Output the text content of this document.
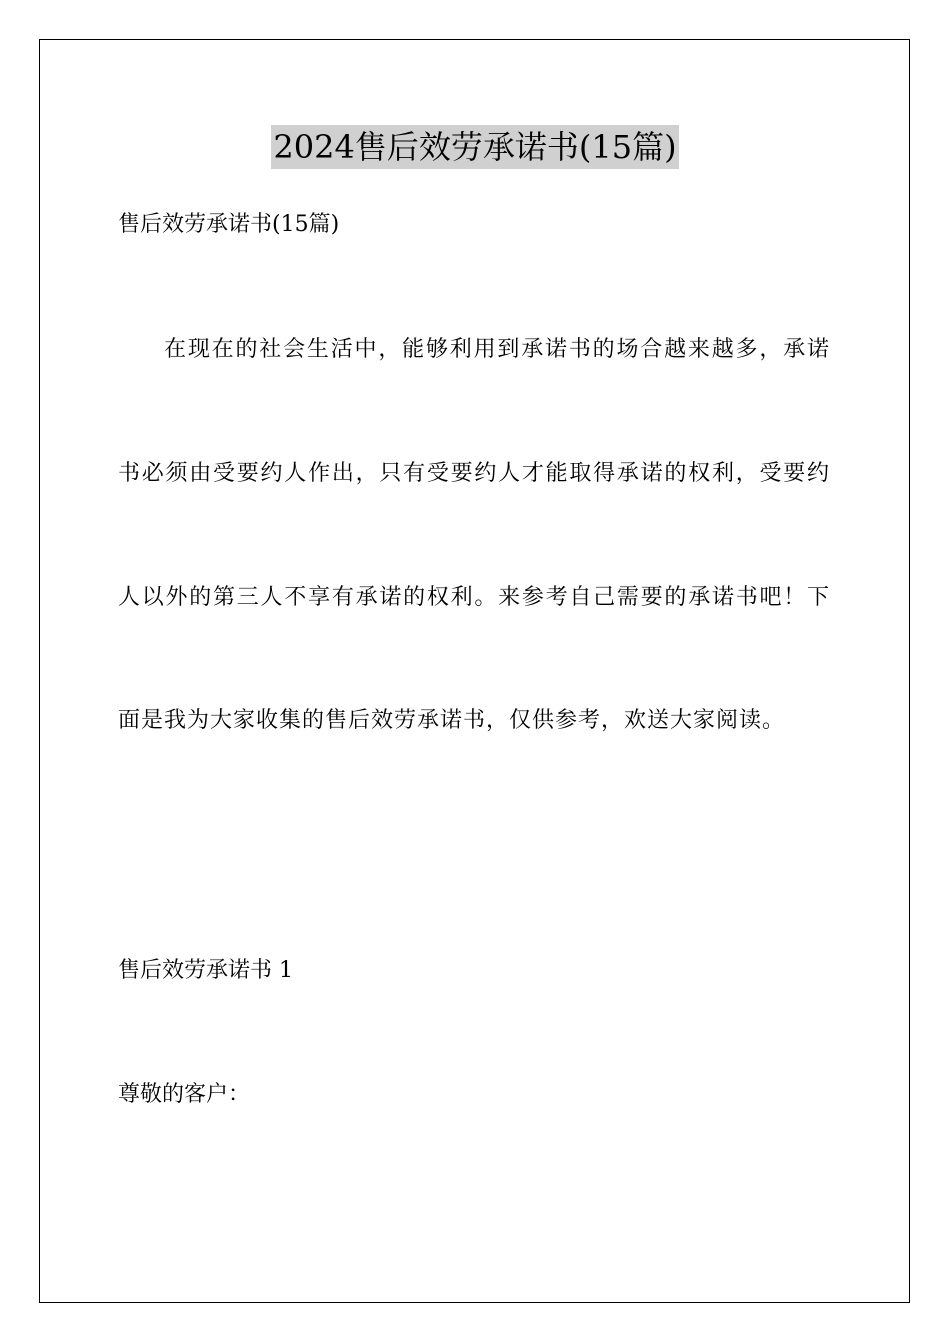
2024售后效劳承诺书(15篇)

售后效劳承诺书(15篇)

在现在的社会生活中，能够利用到承诺书的场合越来越多，承诺

书必须由受要约人作出，只有受要约人才能取得承诺的权利，受要约

人以外的第三人不享有承诺的权利。来参考自己需要的承诺书吧！下

面是我为大家收集的售后效劳承诺书，仅供参考，欢送大家阅读。

售后效劳承诺书 1

尊敬的客户：
